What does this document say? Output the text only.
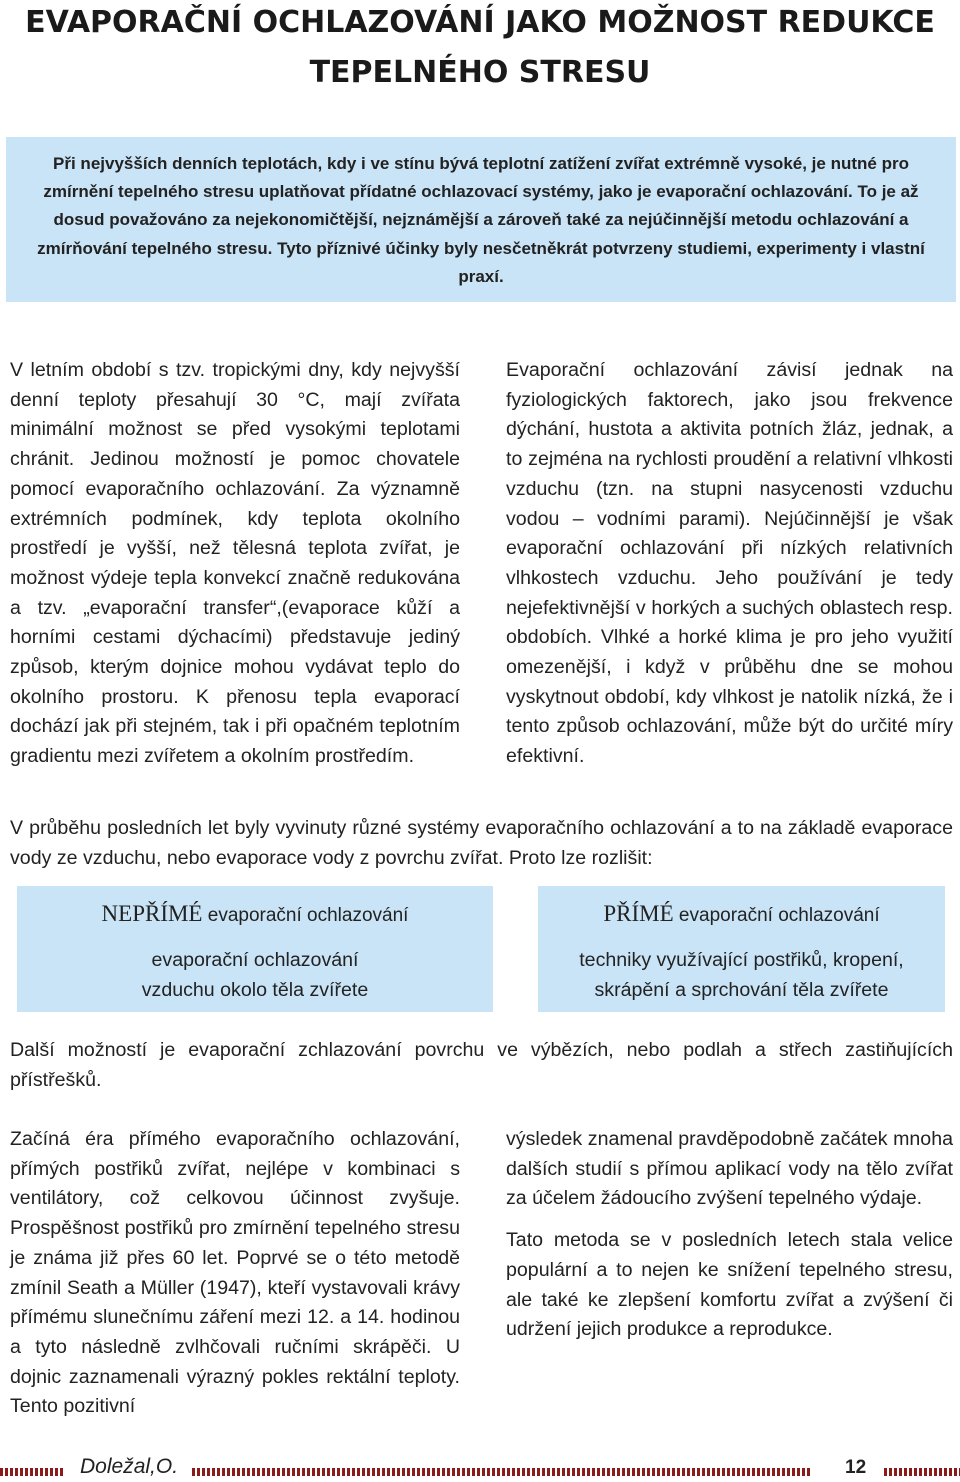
EVAPORAČNÍ OCHLAZOVÁNÍ JAKO MOŽNOST REDUKCE
TEPELNÉHO STRESU
Při nejvyšších denních teplotách, kdy i ve stínu bývá teplotní zatížení zvířat extrémně vysoké, je nutné pro zmírnění tepelného stresu uplatňovat přídatné ochlazovací systémy, jako je evaporační ochlazování. To je až dosud považováno za nejekonomičtější, nejznámější a zároveň také za nejúčinnější metodu ochlazování a zmírňování tepelného stresu. Tyto příznivé účinky byly nesčetněkrát potvrzeny studiemi, experimenty i vlastní praxí.

V letním období s tzv. tropickými dny, kdy nejvyšší denní teploty přesahují 30 °C, mají zvířata minimální možnost se před vysokými teplotami chránit. Jedinou možností je pomoc chovatele pomocí evaporačního ochlazování. Za významně extrémních podmínek, kdy teplota okolního prostředí je vyšší, než tělesná teplota zvířat, je možnost výdeje tepla konvekcí značně redukována a tzv. „evaporační transfer“,(evaporace kůží a horními cestami dýchacími) představuje jediný způsob, kterým dojnice mohou vydávat teplo do okolního prostoru. K přenosu tepla evaporací dochází jak při stejném, tak i při opačném teplotním gradientu mezi zvířetem a okolním prostředím.

Evaporační ochlazování závisí jednak na fyziologických faktorech, jako jsou frekvence dýchání, hustota a aktivita potních žláz, jednak, a to zejména na rychlosti proudění a relativní vlhkosti vzduchu (tzn. na stupni nasycenosti vzduchu vodou – vodními parami). Nejúčinnější je však evaporační ochlazování při nízkých relativních vlhkostech vzduchu. Jeho používání je tedy nejefektivnější v horkých a suchých oblastech resp. obdobích. Vlhké a horké klima je pro jeho využití omezenější, i když v průběhu dne se mohou vyskytnout období, kdy vlhkost je natolik nízká, že i tento způsob ochlazování, může být do určité míry efektivní.

V průběhu posledních let byly vyvinuty různé systémy evaporačního ochlazování a to na základě evaporace vody ze vzduchu, nebo evaporace vody z povrchu zvířat. Proto lze rozlišit:

NEPŘÍMÉ evaporační ochlazování	PŘÍMÉ evaporační ochlazování
evaporační ochlazování vzduchu okolo těla zvířete
techniky využívající postřiků, kropení, skrápění a sprchování těla zvířete

Další možností je evaporační zchlazování povrchu ve výbězích, nebo podlah a střech zastiňujících přístřešků.

Začíná éra přímého evaporačního ochlazování, přímých postřiků zvířat, nejlépe v kombinaci s ventilátory, což celkovou účinnost zvyšuje. Prospěšnost postřiků pro zmírnění tepelného stresu je známa již přes 60 let. Poprvé se o této metodě zmínil Seath a Müller (1947), kteří vystavovali krávy přímému slunečnímu záření mezi 12. a 14. hodinou a tyto následně zvlhčovali ručními skrápěči. U dojnic zaznamenali výrazný pokles rektální teploty. Tento pozitivní

výsledek znamenal pravděpodobně začátek mnoha dalších studií s přímou aplikací vody na tělo zvířat za účelem žádoucího zvýšení tepelného výdaje.

Tato metoda se v posledních letech stala velice populární a to nejen ke snížení tepelného stresu, ale také ke zlepšení komfortu zvířat a zvýšení či udržení jejich produkce a reprodukce.

Doležal,O.	12
